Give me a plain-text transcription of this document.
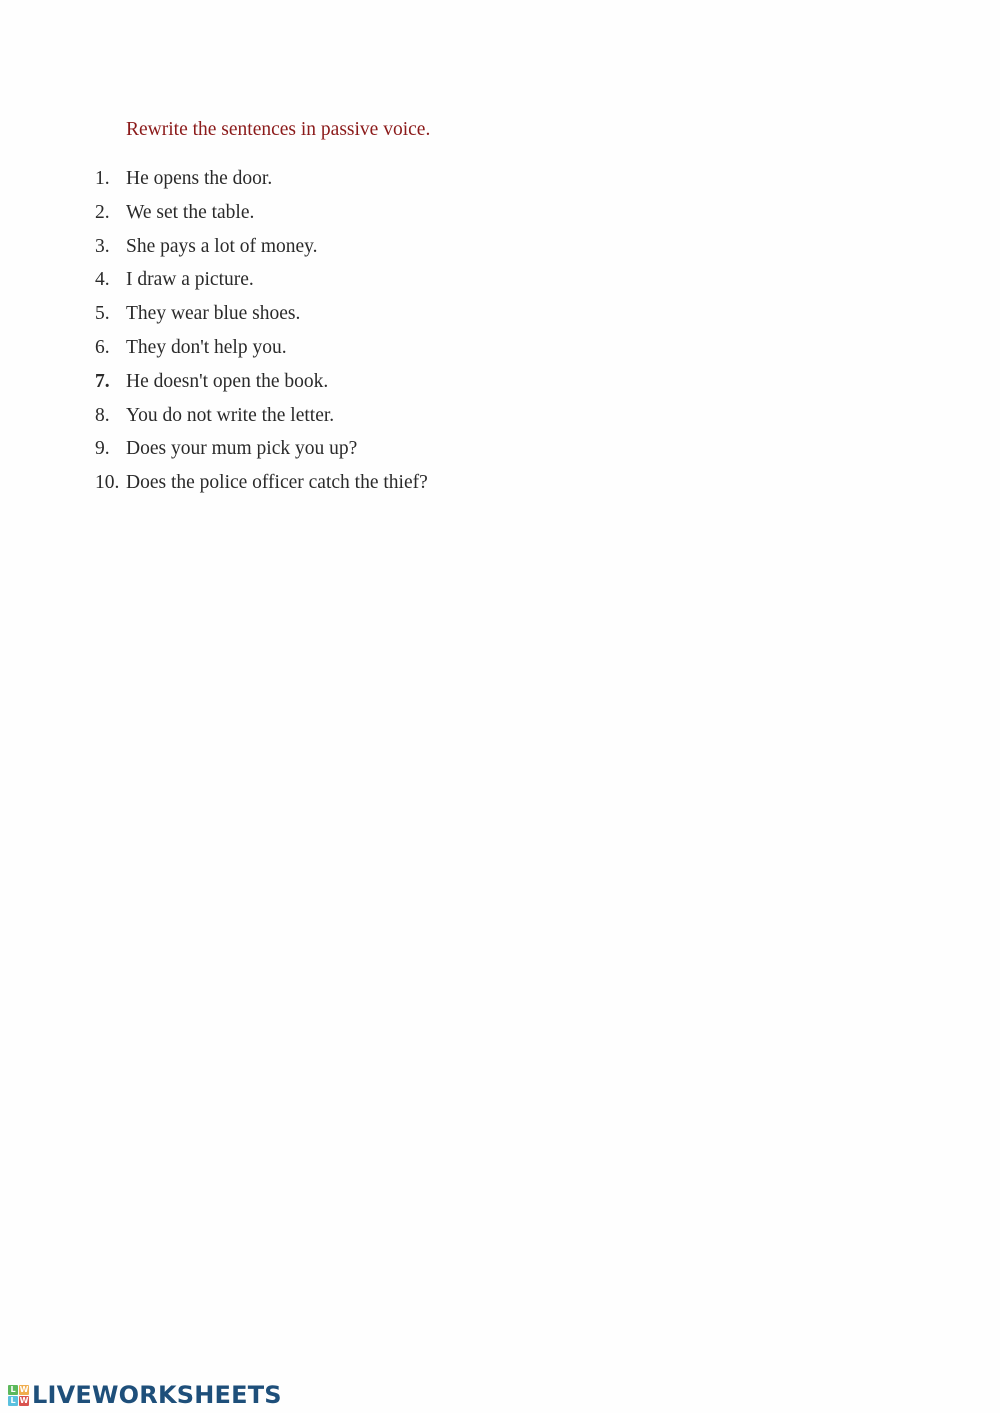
Rewrite the sentences in passive voice.
1. He opens the door.
2. We set the table.
3. She pays a lot of money.
4. I draw a picture.
5. They wear blue shoes.
6. They don't help you.
7. He doesn't open the book.
8. You do not write the letter.
9. Does your mum pick you up?
10. Does the police officer catch the thief?
L W
L W LIVEWORKSHEETS
